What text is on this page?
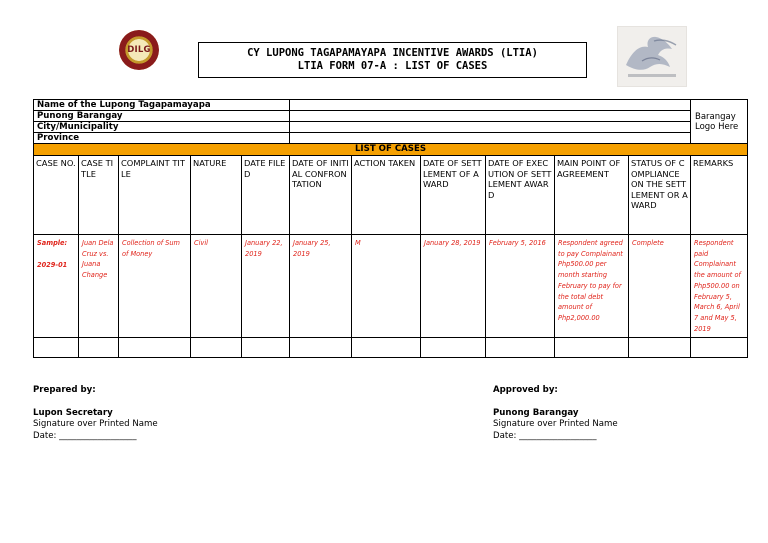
DILG	CY LUPONG TAGAPAMAYAPA INCENTIVE AWARDS (LTIA)
LTIA FORM 07-A : LIST OF CASES
Name of the Lupong Tagapamayapa											Barangay Logo Here
Punong Barangay											
City/Municipality											
Province											
LIST OF CASES											
CASE NO.	CASE TITLE	COMPLAINT TITLE	NATURE	DATE FILED	DATE OF INITIAL CONFRONTATION	ACTION TAKEN	DATE OF SETTLEMENT OF AWARD	DATE OF EXECUTION OF SETTLEMENT AWARD	MAIN POINT OF AGREEMENT	STATUS OF COMPLIANCE ON THE SETTLEMENT OR AWARD	REMARKS

Sample:
2029-01	Juan Dela Cruz vs. Juana Change	Collection of Sum of Money	Civil	January 22, 2019	January 25, 2019	M	January 28, 2019	February 5, 2016	Respondent agreed to pay Complainant Php500.00 per month starting February to pay for the total debt amount of Php2,000.00	Complete	Respondent paid Complainant the amount of Php500.00 on February 5, March 6, April 7 and May 5, 2019

Prepared by:
Lupon Secretary
Signature over Printed Name
Date: __________________
Approved by:
Punong Barangay
Signature over Printed Name
Date: __________________
